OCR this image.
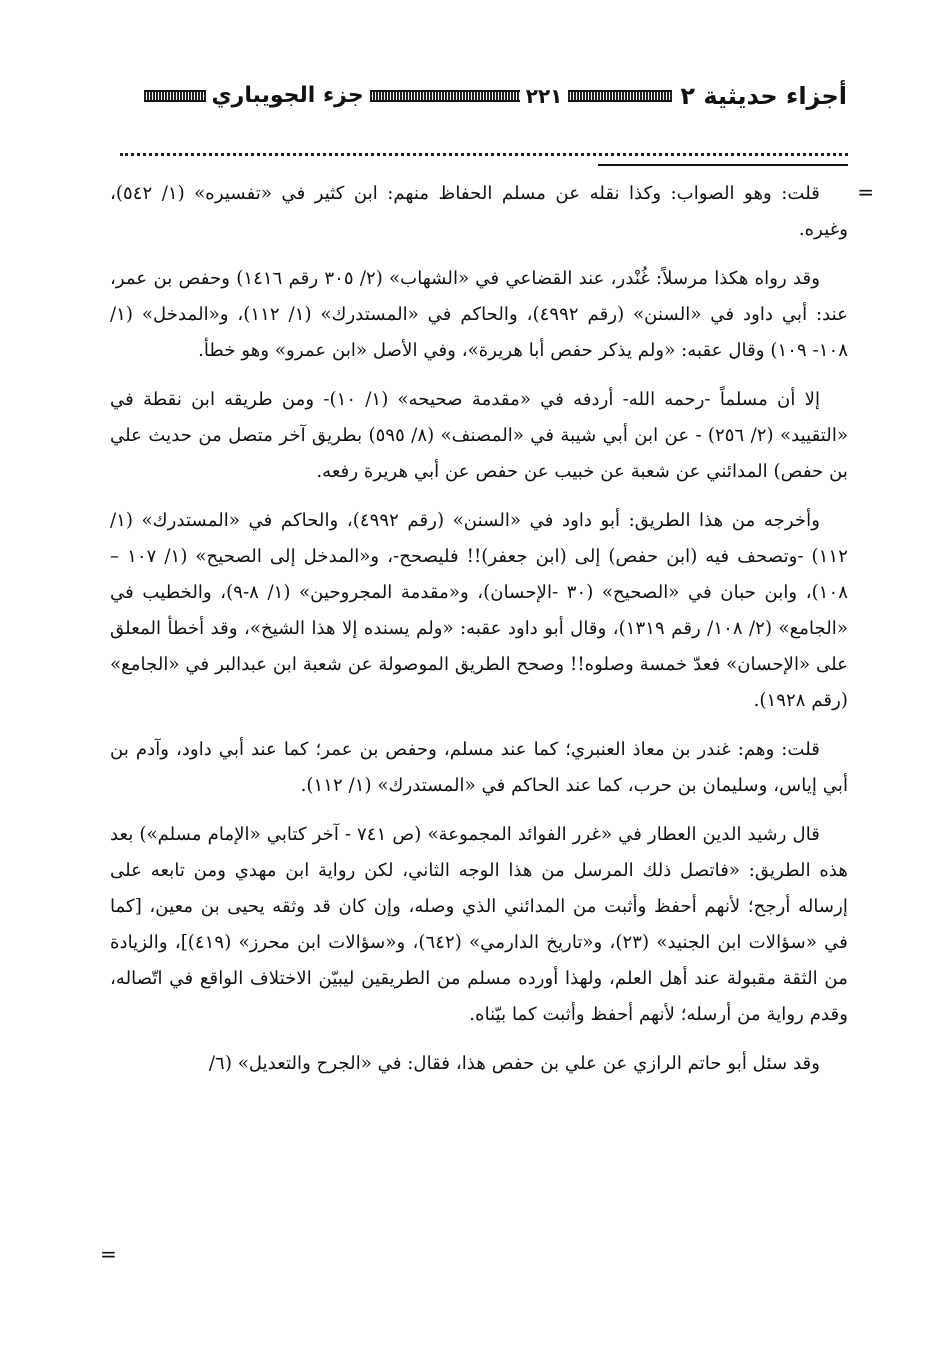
أجزاء حديثية ٢
٢٢١
جزء الجويباري
=

قلت: وهو الصواب: وكذا نقله عن مسلم الحفاظ منهم: ابن كثير في «تفسيره» (١/ ٥٤٢)، وغيره.

وقد رواه هكذا مرسلاً: غُنْدر، عند القضاعي في «الشهاب» (٢/ ٣٠٥ رقم ١٤١٦) وحفص بن عمر، عند: أبي داود في «السنن» (رقم ٤٩٩٢)، والحاكم في «المستدرك» (١/ ١١٢)، و«المدخل» (١/ ١٠٨- ١٠٩) وقال عقبه: «ولم يذكر حفص أبا هريرة»، وفي الأصل «ابن عمرو» وهو خطأ.

إلا أن مسلماً -رحمه الله- أردفه في «مقدمة صحيحه» (١/ ١٠)- ومن طريقه ابن نقطة في «التقييد» (٢/ ٢٥٦) - عن ابن أبي شيبة في «المصنف» (٨/ ٥٩٥) بطريق آخر متصل من حديث علي بن حفص) المدائني عن شعبة عن خبيب عن حفص عن أبي هريرة رفعه.

وأخرجه من هذا الطريق: أبو داود في «السنن» (رقم ٤٩٩٢)، والحاكم في «المستدرك» (١/ ١١٢) -وتصحف فيه (ابن حفص) إلى (ابن جعفر)!! فليصحح-، و«المدخل إلى الصحيح» (١/ ١٠٧ – ١٠٨)، وابن حبان في «الصحيح» (٣٠ -الإحسان)، و«مقدمة المجروحين» (١/ ٨-٩)، والخطيب في «الجامع» (٢/ ١٠٨/ رقم ١٣١٩)، وقال أبو داود عقبه: «ولم يسنده إلا هذا الشيخ»، وقد أخطأ المعلق على «الإحسان» فعدّ خمسة وصلوه!! وصحح الطريق الموصولة عن شعبة ابن عبدالبر في «الجامع» (رقم ١٩٢٨).

قلت: وهم: غندر بن معاذ العنبري؛ كما عند مسلم، وحفص بن عمر؛ كما عند أبي داود، وآدم بن أبي إياس، وسليمان بن حرب، كما عند الحاكم في «المستدرك» (١/ ١١٢).

قال رشيد الدين العطار في «غرر الفوائد المجموعة» (ص ٧٤١ - آخر كتابي «الإمام مسلم») بعد هذه الطريق: «فاتصل ذلك المرسل من هذا الوجه الثاني، لكن رواية ابن مهدي ومن تابعه على إرساله أرجح؛ لأنهم أحفظ وأثبت من المدائني الذي وصله، وإن كان قد وثقه يحيى بن معين، [كما في «سؤالات ابن الجنيد» (٢٣)، و«تاريخ الدارمي» (٦٤٢)، و«سؤالات ابن محرز» (٤١٩)]، والزيادة من الثقة مقبولة عند أهل العلم، ولهذا أورده مسلم من الطريقين ليبيّن الاختلاف الواقع في اتّصاله، وقدم رواية من أرسله؛ لأنهم أحفظ وأثبت كما بيّناه.

وقد سئل أبو حاتم الرازي عن علي بن حفص هذا، فقال: في «الجرح والتعديل» (٦/

=
